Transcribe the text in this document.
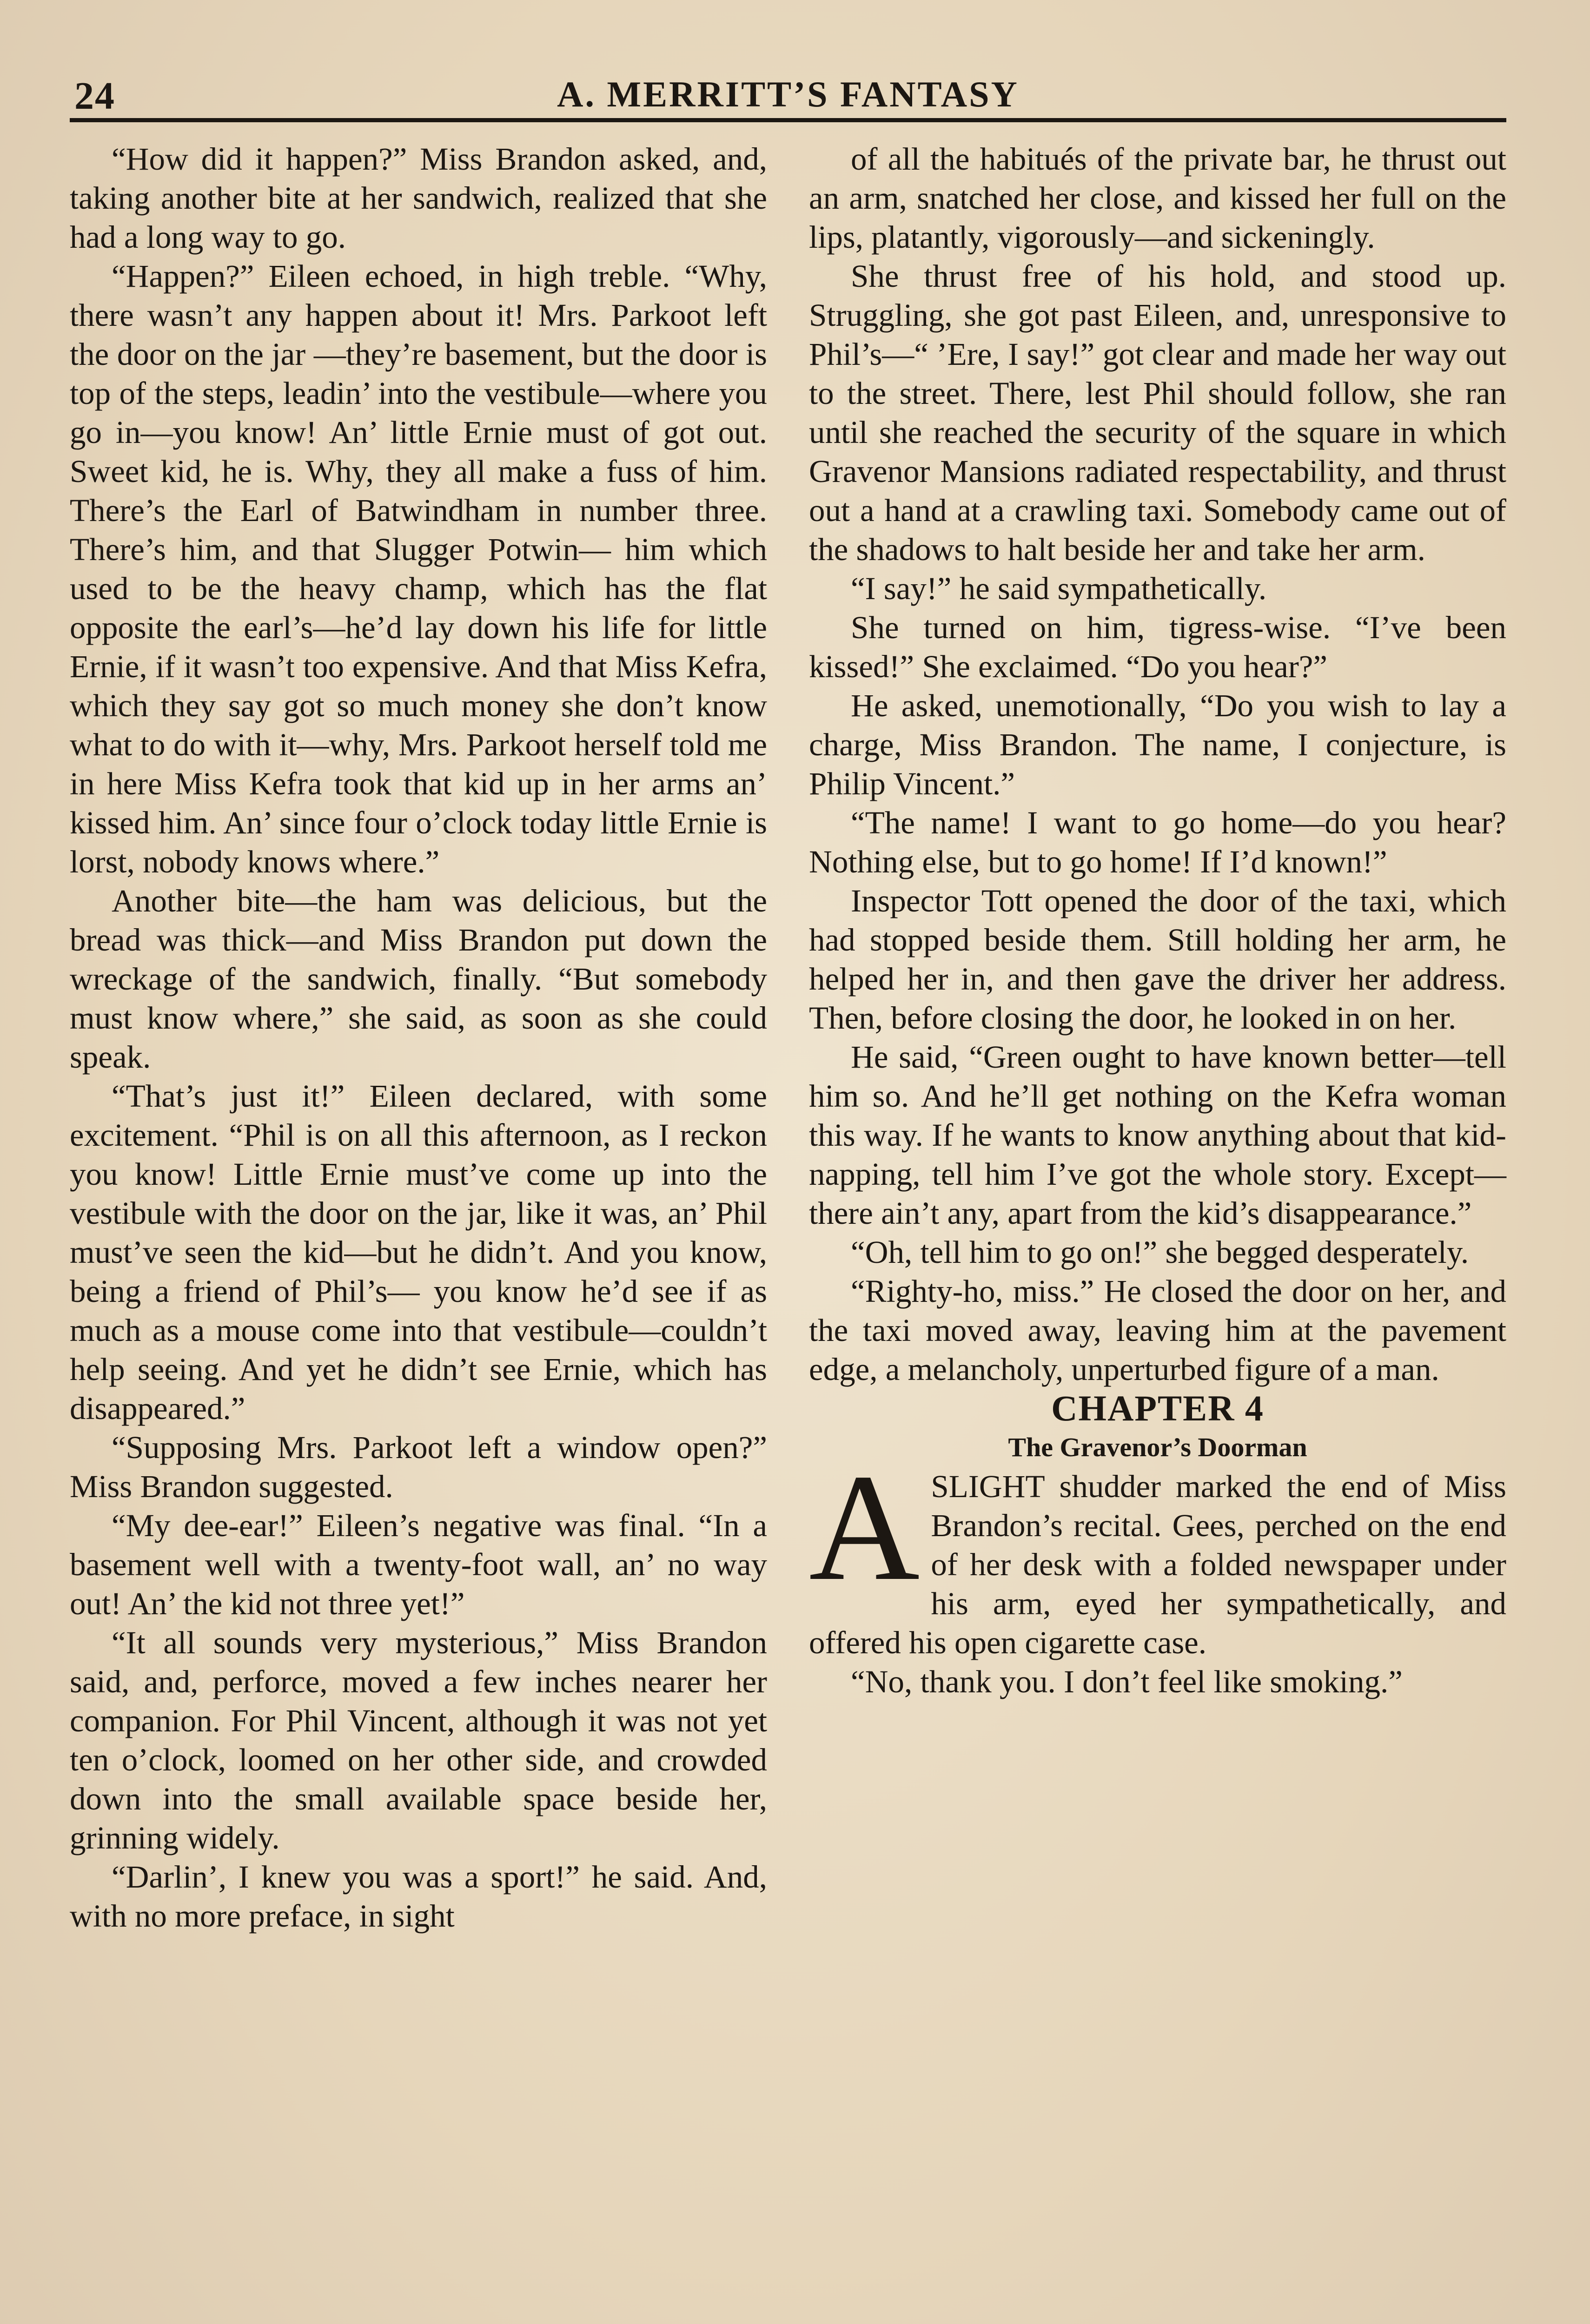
24	A. MERRITT’S FANTASY

“How did it happen?” Miss Brandon asked, and, taking another bite at her sandwich, realized that she had a long way to go.

“Happen?” Eileen echoed, in high treble. “Why, there wasn’t any happen about it! Mrs. Parkoot left the door on the jar —they’re basement, but the door is top of the steps, leadin’ into the vestibule—where you go in—you know! An’ little Ernie must of got out. Sweet kid, he is. Why, they all make a fuss of him. There’s the Earl of Batwindham in number three. There’s him, and that Slugger Potwin— him which used to be the heavy champ, which has the flat opposite the earl’s—he’d lay down his life for little Ernie, if it wasn’t too expensive. And that Miss Kefra, which they say got so much money she don’t know what to do with it—why, Mrs. Parkoot herself told me in here Miss Kefra took that kid up in her arms an’ kissed him. An’ since four o’clock today little Ernie is lorst, nobody knows where.”

Another bite—the ham was delicious, but the bread was thick—and Miss Brandon put down the wreckage of the sandwich, finally. “But somebody must know where,” she said, as soon as she could speak.

“That’s just it!” Eileen declared, with some excitement. “Phil is on all this afternoon, as I reckon you know! Little Ernie must’ve come up into the vestibule with the door on the jar, like it was, an’ Phil must’ve seen the kid—but he didn’t. And you know, being a friend of Phil’s— you know he’d see if as much as a mouse come into that vestibule—couldn’t help seeing. And yet he didn’t see Ernie, which has disappeared.”

“Supposing Mrs. Parkoot left a window open?” Miss Brandon suggested.

“My dee-ear!” Eileen’s negative was final. “In a basement well with a twenty-foot wall, an’ no way out! An’ the kid not three yet!”

“It all sounds very mysterious,” Miss Brandon said, and, perforce, moved a few inches nearer her companion. For Phil Vincent, although it was not yet ten o’clock, loomed on her other side, and crowded down into the small available space beside her, grinning widely.

“Darlin’, I knew you was a sport!” he said. And, with no more preface, in sight

of all the habitués of the private bar, he thrust out an arm, snatched her close, and kissed her full on the lips, platantly, vigorously—and sickeningly.

She thrust free of his hold, and stood up. Struggling, she got past Eileen, and, unresponsive to Phil’s—“ ’Ere, I say!” got clear and made her way out to the street. There, lest Phil should follow, she ran until she reached the security of the square in which Gravenor Mansions radiated respectability, and thrust out a hand at a crawling taxi. Somebody came out of the shadows to halt beside her and take her arm.

“I say!” he said sympathetically.

She turned on him, tigress-wise. “I’ve been kissed!” She exclaimed. “Do you hear?”

He asked, unemotionally, “Do you wish to lay a charge, Miss Brandon. The name, I conjecture, is Philip Vincent.”

“The name! I want to go home—do you hear? Nothing else, but to go home! If I’d known!”

Inspector Tott opened the door of the taxi, which had stopped beside them. Still holding her arm, he helped her in, and then gave the driver her address. Then, before closing the door, he looked in on her.

He said, “Green ought to have known better—tell him so. And he’ll get nothing on the Kefra woman this way. If he wants to know anything about that kidnapping, tell him I’ve got the whole story. Except—there ain’t any, apart from the kid’s disappearance.”

“Oh, tell him to go on!” she begged desperately.

“Righty-ho, miss.” He closed the door on her, and the taxi moved away, leaving him at the pavement edge, a melancholy, unperturbed figure of a man.

CHAPTER 4

The Gravenor’s Doorman

A SLIGHT shudder marked the end of Miss Brandon’s recital. Gees, perched on the end of her desk with a folded newspaper under his arm, eyed her sympathetically, and offered his open cigarette case.

“No, thank you. I don’t feel like smoking.”
